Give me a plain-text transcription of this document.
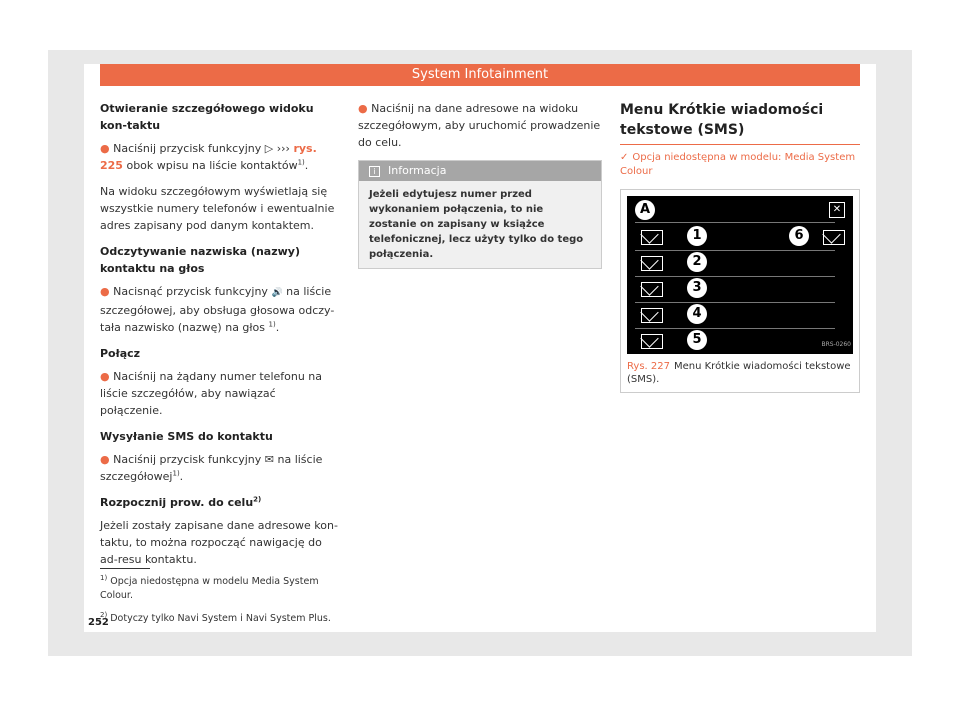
System Infotainment
Otwieranie szczegółowego widoku kon-taktu

● Naciśnij przycisk funkcyjny ▷ ››› rys. 225 obok wpisu na liście kontaktów$^{1)}$.

Na widoku szczegółowym wyświetlają się wszystkie numery telefonów i ewentualnie adres zapisany pod danym kontaktem.

Odczytywanie nazwiska (nazwy) kontaktu na głos

● Nacisnąć przycisk funkcyjny 🔊 na liście szczegółowej, aby obsługa głosowa odczy-tała nazwisko (nazwę) na głos $^{1)}$.

Połącz

● Naciśnij na żądany numer telefonu na liście szczegółów, aby nawiązać połączenie.

Wysyłanie SMS do kontaktu

● Naciśnij przycisk funkcyjny ✉ na liście szczegółowej$^{1)}$.

Rozpocznij prow. do celu$^{2)}$

Jeżeli zostały zapisane dane adresowe kon-taktu, to można rozpocząć nawigację do ad-resu kontaktu.

● Naciśnij na dane adresowe na widoku szczegółowym, aby uruchomić prowadzenie do celu.

i Informacja
Jeżeli edytujesz numer przed wykonaniem połączenia, to nie zostanie on zapisany w książce telefonicznej, lecz użyty tylko do tego połączenia.
Menu Krótkie wiadomości tekstowe (SMS)
✓ Opcja niedostępna w modelu: Media System Colour
A	✕
1	6
2
3
4
5	BRS-0260
Rys. 227 Menu Krótkie wiadomości tekstowe (SMS).

$^{1)}$ Opcja niedostępna w modelu Media System Colour.

$^{2)}$ Dotyczy tylko Navi System i Navi System Plus.

252
